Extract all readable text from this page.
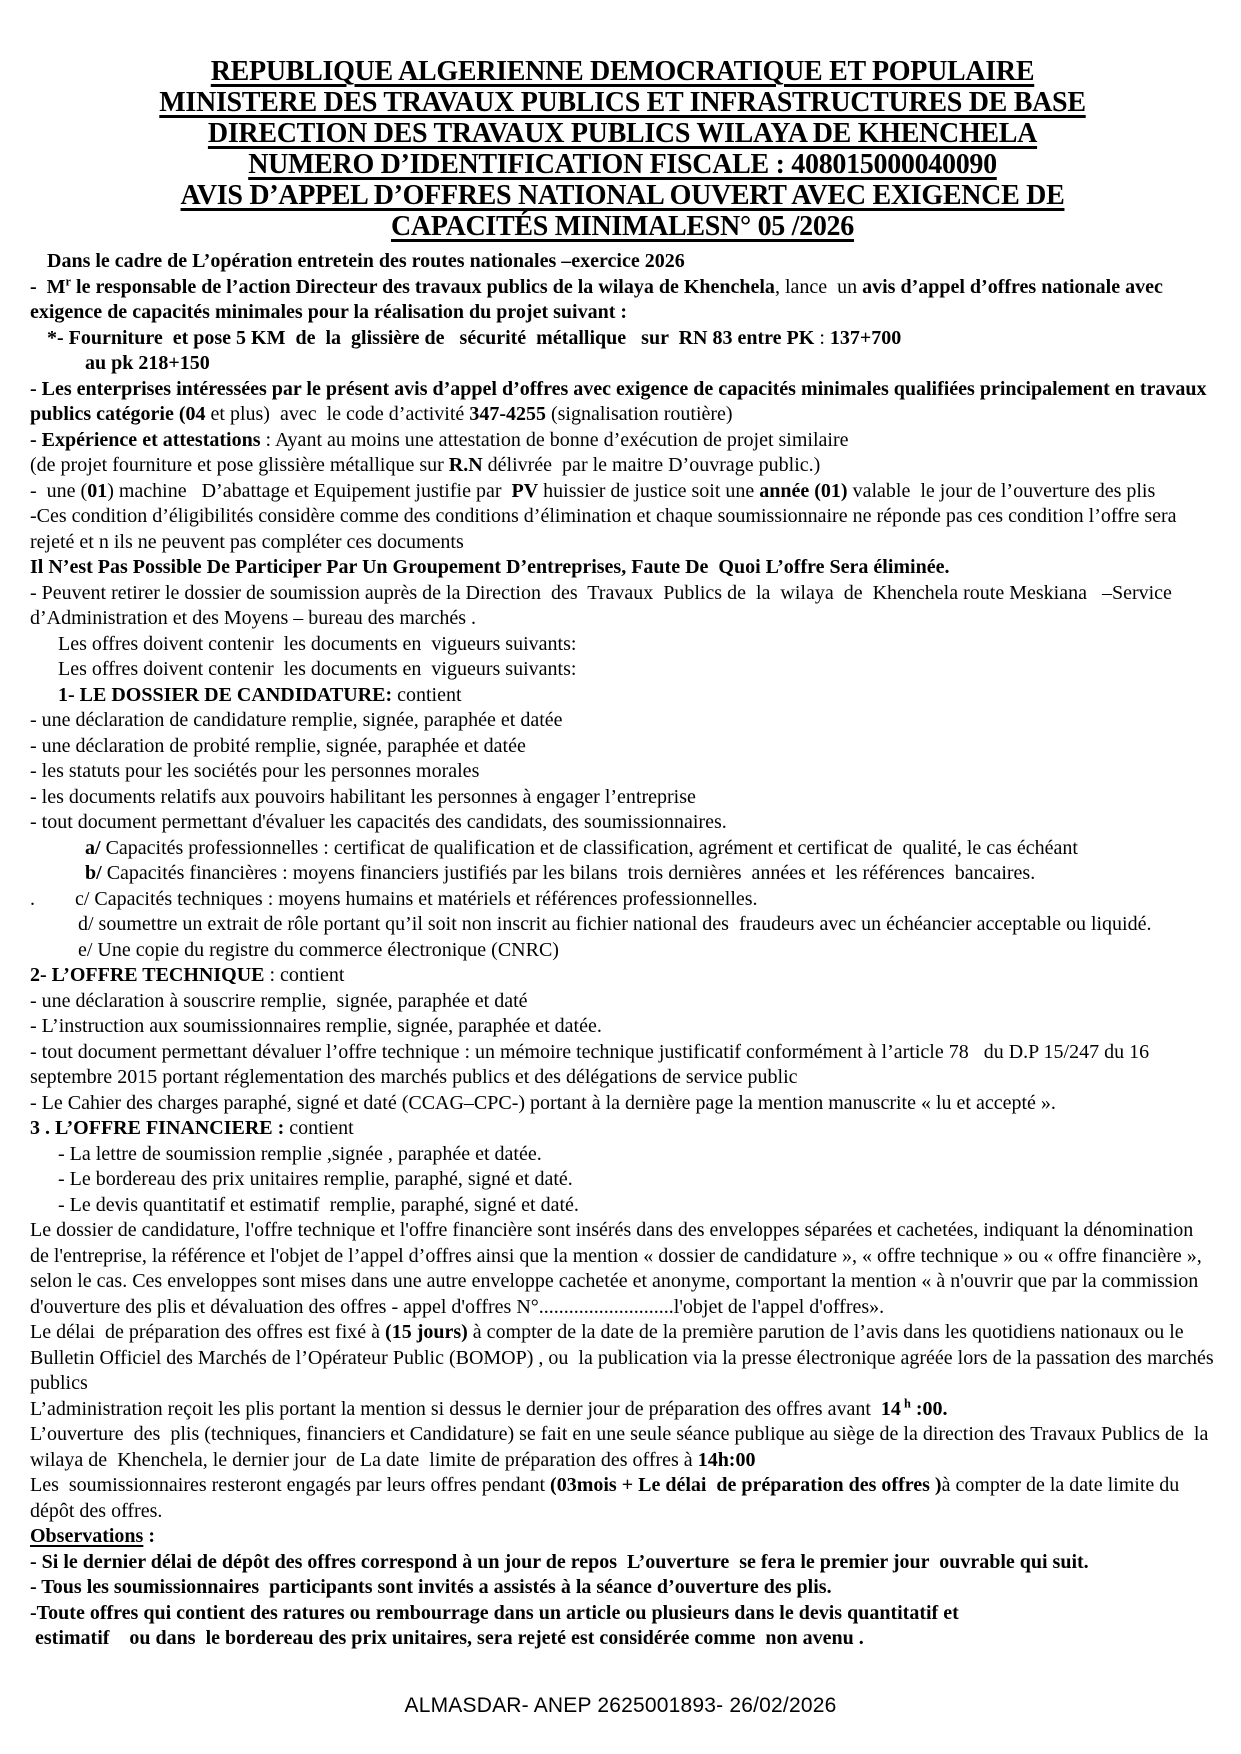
REPUBLIQUE ALGERIENNE DEMOCRATIQUE ET POPULAIRE
MINISTERE DES TRAVAUX PUBLICS ET INFRASTRUCTURES DE BASE
DIRECTION DES TRAVAUX PUBLICS WILAYA DE KHENCHELA
NUMERO D’IDENTIFICATION FISCALE : 408015000040090
AVIS D’APPEL D’OFFRES NATIONAL OUVERT AVEC EXIGENCE DE
CAPACITÉS MINIMALESN° 05 /2026

Dans le cadre de L’opération entretein des routes nationales –exercice 2026

-  $M^r$ le responsable de l’action Directeur des travaux publics de la wilaya de Khenchela, lance  un avis d’appel d’offres nationale avec exigence de capacités minimales pour la réalisation du projet suivant :

*- Fourniture  et pose 5 KM  de  la  glissière de   sécurité  métallique   sur  RN 83 entre PK : 137+700

au pk 218+150

- Les enterprises intéressées par le présent avis d’appel d’offres avec exigence de capacités minimales qualifiées principalement en travaux publics catégorie (04 et plus)  avec  le code d’activité 347-4255 (signalisation routière)

- Expérience et attestations : Ayant au moins une attestation de bonne d’exécution de projet similaire

(de projet fourniture et pose glissière métallique sur R.N délivrée  par le maitre D’ouvrage public.)

-  une (01) machine   D’abattage et Equipement justifie par  PV huissier de justice soit une année (01) valable  le jour de l’ouverture des plis

-Ces condition d’éligibilités considère comme des conditions d’élimination et chaque soumissionnaire ne réponde pas ces condition l’offre sera rejeté et n ils ne peuvent pas compléter ces documents

Il N’est Pas Possible De Participer Par Un Groupement D’entreprises, Faute De  Quoi L’offre Sera éliminée.

- Peuvent retirer le dossier de soumission auprès de la Direction  des  Travaux  Publics de  la  wilaya  de  Khenchela route Meskiana   –Service d’Administration et des Moyens – bureau des marchés .

Les offres doivent contenir  les documents en  vigueurs suivants:

Les offres doivent contenir  les documents en  vigueurs suivants:

1- LE DOSSIER DE CANDIDATURE: contient

- une déclaration de candidature remplie, signée, paraphée et datée

- une déclaration de probité remplie, signée, paraphée et datée

- les statuts pour les sociétés pour les personnes morales

- les documents relatifs aux pouvoirs habilitant les personnes à engager l’entreprise

- tout document permettant d'évaluer les capacités des candidats, des soumissionnaires.

a/ Capacités professionnelles : certificat de qualification et de classification, agrément et certificat de  qualité, le cas échéant

b/ Capacités financières : moyens financiers justifiés par les bilans  trois dernières  années et  les références  bancaires.

.        c/ Capacités techniques : moyens humains et matériels et références professionnelles.

d/ soumettre un extrait de rôle portant qu’il soit non inscrit au fichier national des  fraudeurs avec un échéancier acceptable ou liquidé.

e/ Une copie du registre du commerce électronique (CNRC)

2- L’OFFRE TECHNIQUE : contient

- une déclaration à souscrire remplie,  signée, paraphée et daté

- L’instruction aux soumissionnaires remplie, signée, paraphée et datée.

- tout document permettant dévaluer l’offre technique : un mémoire technique justificatif conformément à l’article 78   du D.P 15/247 du 16 septembre 2015 portant réglementation des marchés publics et des délégations de service public

- Le Cahier des charges paraphé, signé et daté (CCAG–CPC-) portant à la dernière page la mention manuscrite « lu et accepté ».

3 . L’OFFRE FINANCIERE : contient

- La lettre de soumission remplie ,signée , paraphée et datée.

- Le bordereau des prix unitaires remplie, paraphé, signé et daté.

- Le devis quantitatif et estimatif  remplie, paraphé, signé et daté.

Le dossier de candidature, l'offre technique et l'offre financière sont insérés dans des enveloppes séparées et cachetées, indiquant la dénomination de l'entreprise, la référence et l'objet de l’appel d’offres ainsi que la mention « dossier de candidature », « offre technique » ou « offre financière », selon le cas. Ces enveloppes sont mises dans une autre enveloppe cachetée et anonyme, comportant la mention « à n'ouvrir que par la commission d'ouverture des plis et dévaluation des offres - appel d'offres N°...........................l'objet de l'appel d'offres».

Le délai  de préparation des offres est fixé à (15 jours) à compter de la date de la première parution de l’avis dans les quotidiens nationaux ou le Bulletin Officiel des Marchés de l’Opérateur Public (BOMOP) , ou  la publication via la presse électronique agréée lors de la passation des marchés publics

L’administration reçoit les plis portant la mention si dessus le dernier jour de préparation des offres avant  14 $^h$ :00.

L’ouverture  des  plis (techniques, financiers et Candidature) se fait en une seule séance publique au siège de la direction des Travaux Publics de  la  wilaya de  Khenchela, le dernier jour  de La date  limite de préparation des offres à 14h:00

Les  soumissionnaires resteront engagés par leurs offres pendant (03mois + Le délai  de préparation des offres )à compter de la date limite du dépôt des offres.

Observations :

- Si le dernier délai de dépôt des offres correspond à un jour de repos  L’ouverture  se fera le premier jour  ouvrable qui suit.

- Tous les soumissionnaires  participants sont invités a assistés à la séance d’ouverture des plis.

-Toute offres qui contient des ratures ou rembourrage dans un article ou plusieurs dans le devis quantitatif et

estimatif    ou dans  le bordereau des prix unitaires, sera rejeté est considérée comme  non avenu .

ALMASDAR- ANEP 2625001893- 26/02/2026
